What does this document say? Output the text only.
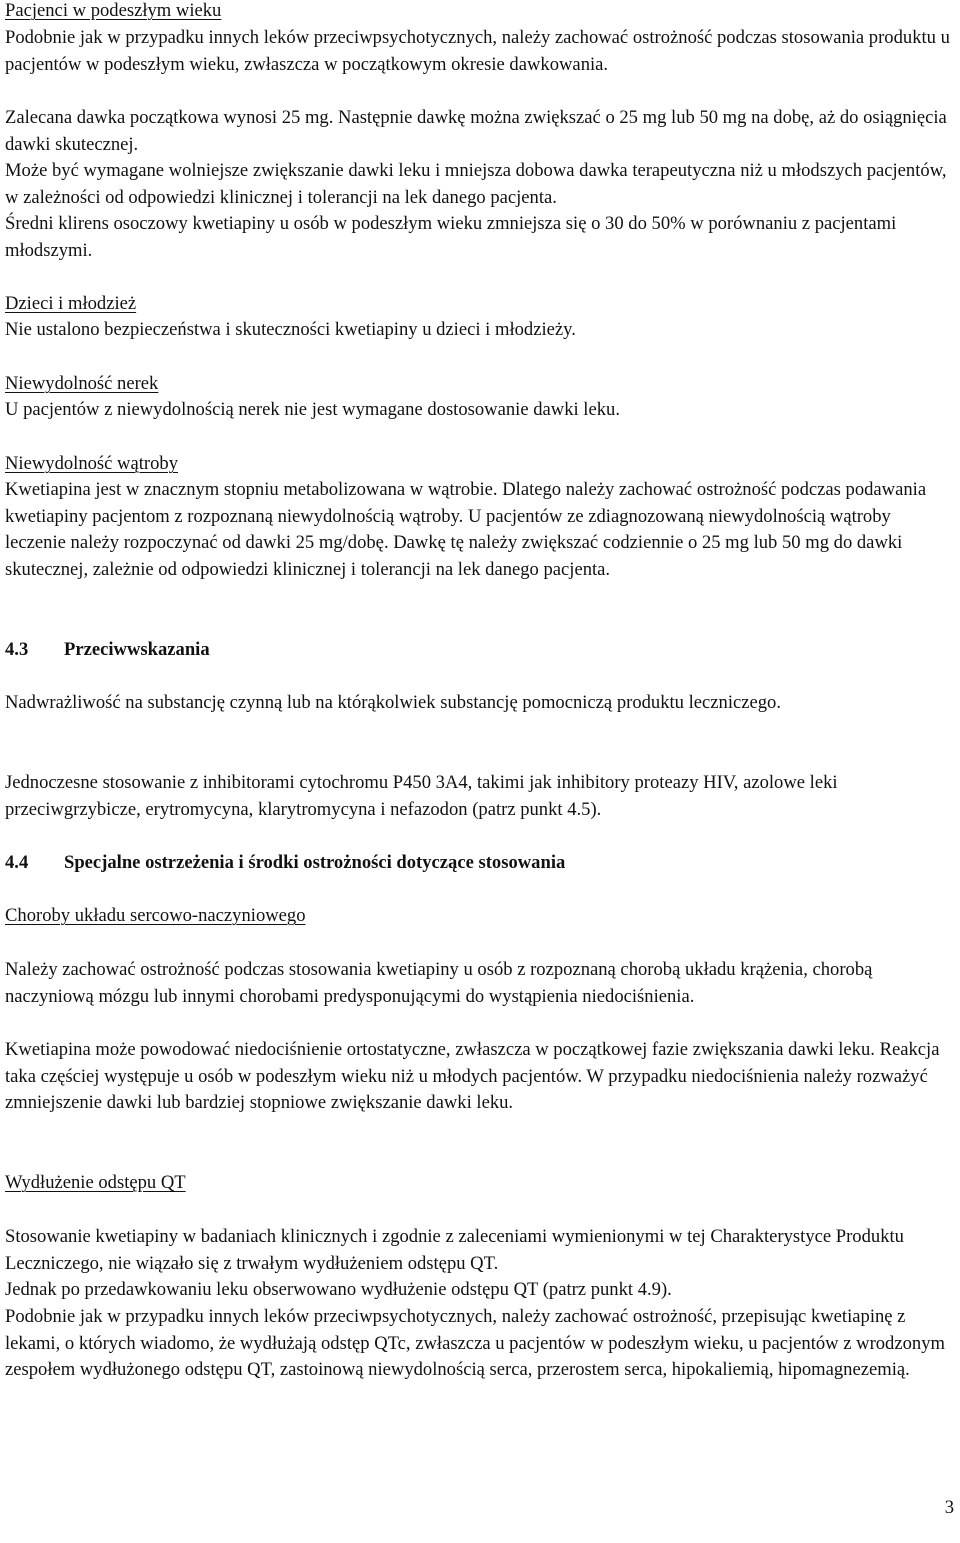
Pacjenci w podeszłym wieku

Podobnie jak w przypadku innych leków przeciwpsychotycznych, należy zachować ostrożność podczas stosowania produktu u pacjentów w podeszłym wieku, zwłaszcza w początkowym okresie dawkowania.

Zalecana dawka początkowa wynosi 25 mg. Następnie dawkę można zwiększać o 25 mg lub 50 mg na dobę, aż do osiągnięcia dawki skutecznej.

Może być wymagane wolniejsze zwiększanie dawki leku i mniejsza dobowa dawka terapeutyczna niż u młodszych pacjentów, w zależności od odpowiedzi klinicznej i tolerancji na lek danego pacjenta.

Średni klirens osoczowy kwetiapiny u osób w podeszłym wieku zmniejsza się o 30 do 50% w porównaniu z pacjentami młodszymi.

Dzieci i młodzież

Nie ustalono bezpieczeństwa i skuteczności kwetiapiny u dzieci i młodzieży.

Niewydolność nerek

U pacjentów z niewydolnością nerek nie jest wymagane dostosowanie dawki leku.

Niewydolność wątroby

Kwetiapina jest w znacznym stopniu metabolizowana w wątrobie. Dlatego należy zachować ostrożność podczas podawania kwetiapiny pacjentom z rozpoznaną niewydolnością wątroby. U pacjentów ze zdiagnozowaną niewydolnością wątroby leczenie należy rozpoczynać od dawki 25 mg/dobę. Dawkę tę należy zwiększać codziennie o 25 mg lub 50 mg do dawki skutecznej, zależnie od odpowiedzi klinicznej i tolerancji na lek danego pacjenta.

4.3	Przeciwwskazania

Nadwrażliwość na substancję czynną lub na którąkolwiek substancję pomocniczą produktu leczniczego.

Jednoczesne stosowanie z inhibitorami cytochromu P450 3A4, takimi jak inhibitory proteazy HIV, azolowe leki przeciwgrzybicze, erytromycyna, klarytromycyna i nefazodon (patrz punkt 4.5).

4.4	Specjalne ostrzeżenia i środki ostrożności dotyczące stosowania

Choroby układu sercowo-naczyniowego

Należy zachować ostrożność podczas stosowania kwetiapiny u osób z rozpoznaną chorobą układu krążenia, chorobą naczyniową mózgu lub innymi chorobami predysponującymi do wystąpienia niedociśnienia.

Kwetiapina może powodować niedociśnienie ortostatyczne, zwłaszcza w początkowej fazie zwiększania dawki leku. Reakcja taka częściej występuje u osób w podeszłym wieku niż u młodych pacjentów. W przypadku niedociśnienia należy rozważyć zmniejszenie dawki lub bardziej stopniowe zwiększanie dawki leku.

Wydłużenie odstępu QT

Stosowanie kwetiapiny w badaniach klinicznych i zgodnie z zaleceniami wymienionymi w tej Charakterystyce Produktu Leczniczego, nie wiązało się z trwałym wydłużeniem odstępu QT.

Jednak po przedawkowaniu leku obserwowano wydłużenie odstępu QT (patrz punkt 4.9).

Podobnie jak w przypadku innych leków przeciwpsychotycznych, należy zachować ostrożność, przepisując kwetiapinę z lekami, o których wiadomo, że wydłużają odstęp QTc, zwłaszcza u pacjentów w podeszłym wieku, u pacjentów z wrodzonym zespołem wydłużonego odstępu QT, zastoinową niewydolnością serca, przerostem serca, hipokaliemią, hipomagnezemią.

3
